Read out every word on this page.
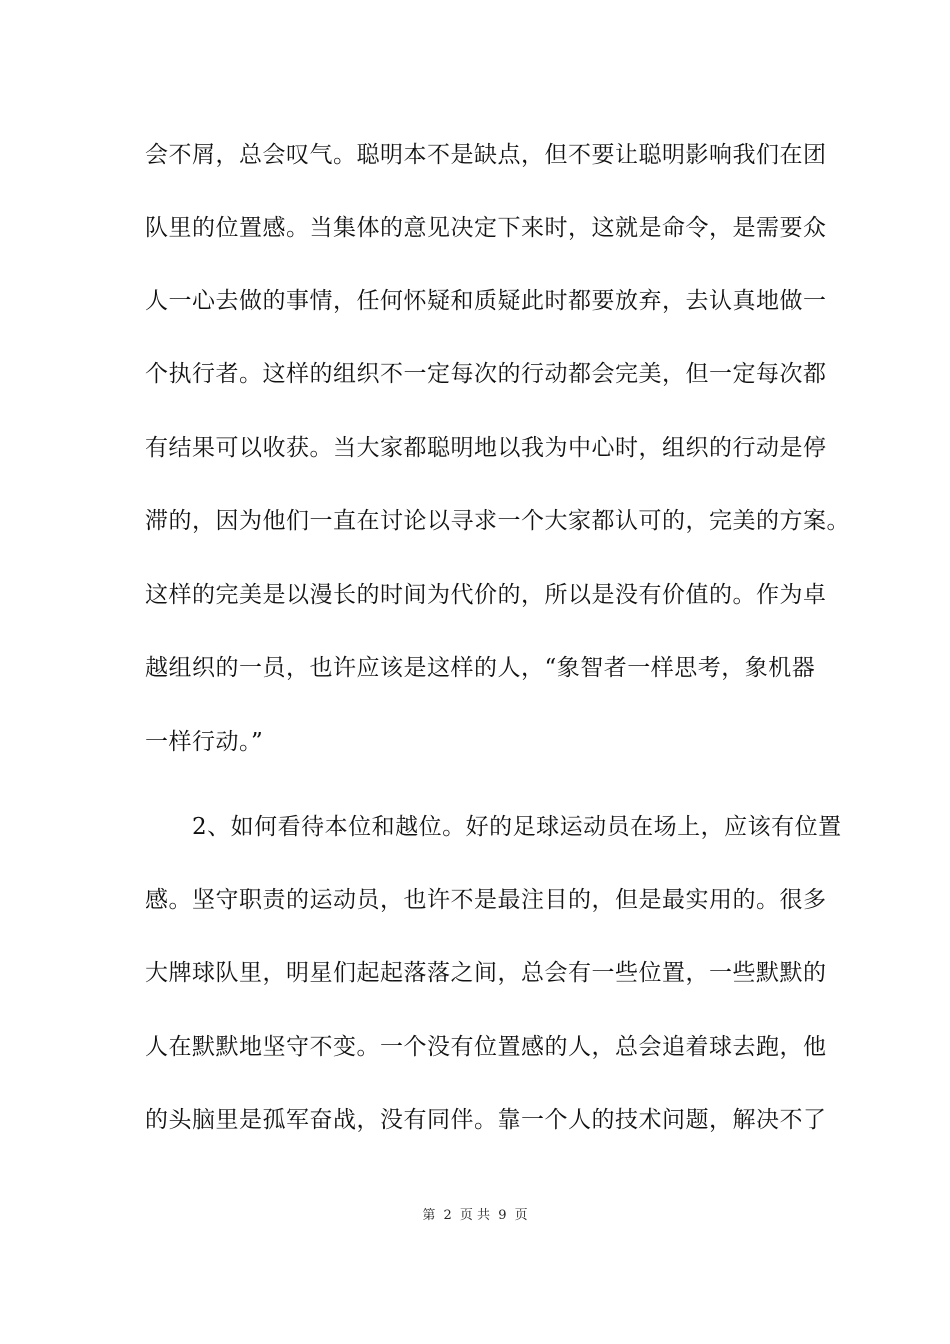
会不屑，总会叹气。聪明本不是缺点，但不要让聪明影响我们在团
队里的位置感。当集体的意见决定下来时，这就是命令，是需要众
人一心去做的事情，任何怀疑和质疑此时都要放弃，去认真地做一
个执行者。这样的组织不一定每次的行动都会完美，但一定每次都
有结果可以收获。当大家都聪明地以我为中心时，组织的行动是停
滞的，因为他们一直在讨论以寻求一个大家都认可的，完美的方案。
这样的完美是以漫长的时间为代价的，所以是没有价值的。作为卓
越组织的一员，也许应该是这样的人，“象智者一样思考，象机器
一样行动。”
　　2、如何看待本位和越位。好的足球运动员在场上，应该有位置
感。坚守职责的运动员，也许不是最注目的，但是最实用的。很多
大牌球队里，明星们起起落落之间，总会有一些位置，一些默默的
人在默默地坚守不变。一个没有位置感的人，总会追着球去跑，他
的头脑里是孤军奋战，没有同伴。靠一个人的技术问题，解决不了
第 2 页 共 9 页
